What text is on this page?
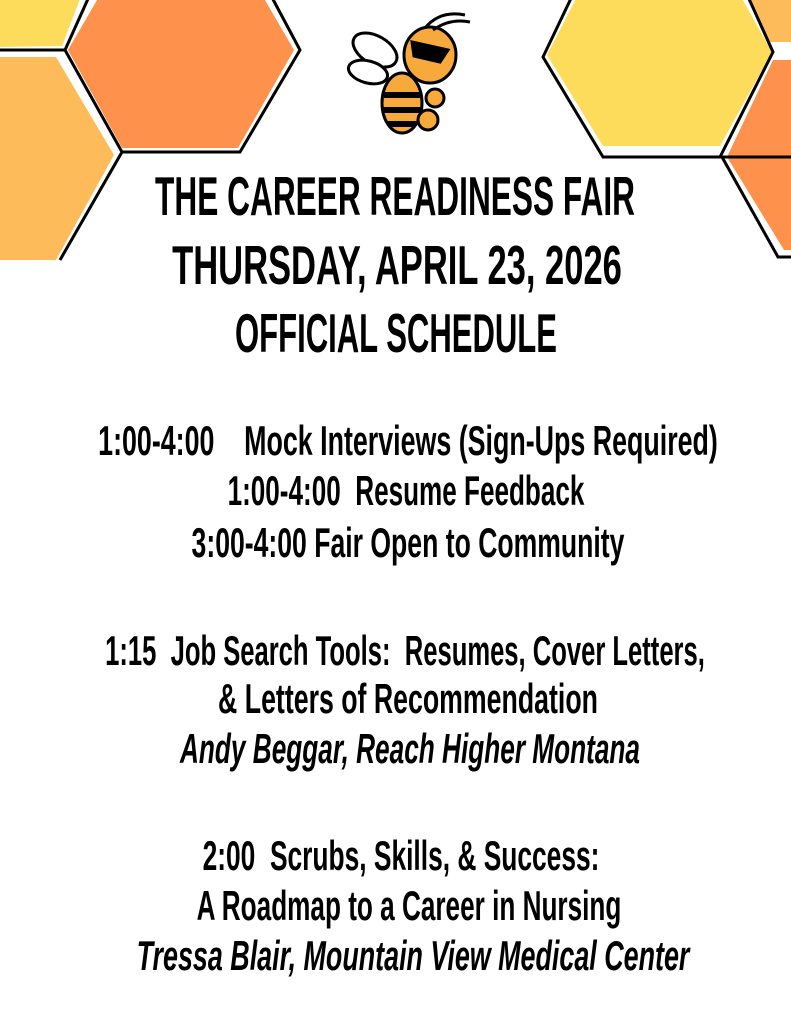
THE CAREER READINESS FAIR
THURSDAY, APRIL 23, 2026
OFFICIAL SCHEDULE
1:00-4:00    Mock Interviews (Sign-Ups Required)
1:00-4:00  Resume Feedback
3:00-4:00 Fair Open to Community
1:15  Job Search Tools:  Resumes, Cover Letters,
& Letters of Recommendation
Andy Beggar, Reach Higher Montana
2:00  Scrubs, Skills, & Success:
A Roadmap to a Career in Nursing
Tressa Blair, Mountain View Medical Center
